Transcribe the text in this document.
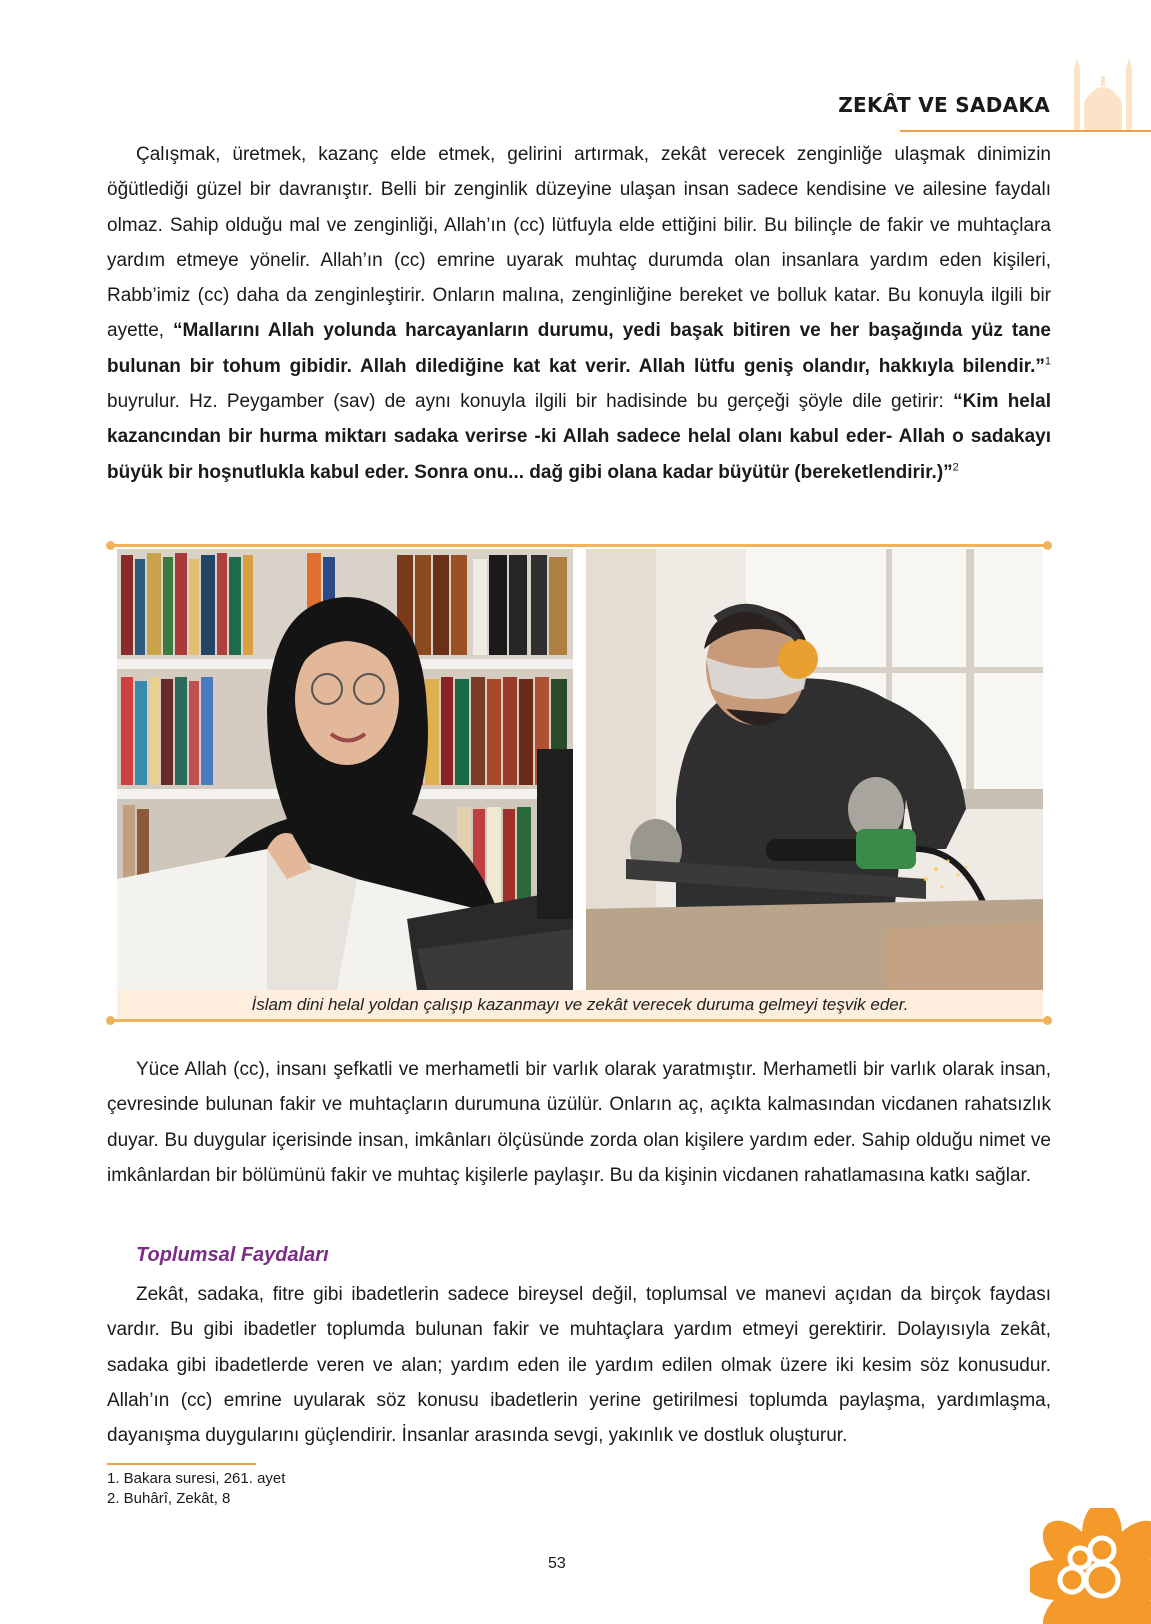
ZEKÂT VE SADAKA

Çalışmak, üretmek, kazanç elde etmek, gelirini artırmak, zekât verecek zenginliğe ulaşmak dinimizin öğütlediği güzel bir davranıştır. Belli bir zenginlik düzeyine ulaşan insan sadece kendisine ve ailesine faydalı olmaz. Sahip olduğu mal ve zenginliği, Allah’ın (cc) lütfuyla elde ettiğini bilir. Bu bilinçle de fakir ve muhtaçlara yardım etmeye yönelir. Allah’ın (cc) emrine uyarak muhtaç durumda olan insanlara yardım eden kişileri, Rabb’imiz (cc) daha da zenginleştirir. Onların malına, zenginliğine bereket ve bolluk katar. Bu konuyla ilgili bir ayette, “Mallarını Allah yolunda harcayanların durumu, yedi başak bitiren ve her başağında yüz tane bulunan bir tohum gibidir. Allah dilediğine kat kat verir. Allah lütfu geniş olandır, hakkıyla bilendir.”$^1$ buyrulur. Hz. Peygamber (sav) de aynı konuyla ilgili bir hadisinde bu gerçeği şöyle dile getirir: “Kim helal kazancından bir hurma miktarı sadaka verirse -ki Allah sadece helal olanı kabul eder- Allah o sadakayı büyük bir hoşnutlukla kabul eder. Sonra onu... dağ gibi olana kadar büyütür (bereketlendirir.)”$^2$

İslam dini helal yoldan çalışıp kazanmayı ve zekât verecek duruma gelmeyi teşvik eder.

Yüce Allah (cc), insanı şefkatli ve merhametli bir varlık olarak yaratmıştır. Merhametli bir varlık olarak insan, çevresinde bulunan fakir ve muhtaçların durumuna üzülür. Onların aç, açıkta kalmasından vicdanen rahatsızlık duyar. Bu duygular içerisinde insan, imkânları ölçüsünde zorda olan kişilere yardım eder. Sahip olduğu nimet ve imkânlardan bir bölümünü fakir ve muhtaç kişilerle paylaşır. Bu da kişinin vicdanen rahatlamasına katkı sağlar.

Toplumsal Faydaları

Zekât, sadaka, fitre gibi ibadetlerin sadece bireysel değil, toplumsal ve manevi açıdan da birçok faydası vardır. Bu gibi ibadetler toplumda bulunan fakir ve muhtaçlara yardım etmeyi gerektirir. Dolayısıyla zekât, sadaka gibi ibadetlerde veren ve alan; yardım eden ile yardım edilen olmak üzere iki kesim söz konusudur. Allah’ın (cc) emrine uyularak söz konusu ibadetlerin yerine getirilmesi toplumda paylaşma, yardımlaşma, dayanışma duygularını güçlendirir. İnsanlar arasında sevgi, yakınlık ve dostluk oluşturur.

1. Bakara suresi, 261. ayet
2. Buhârî, Zekât, 8
53
